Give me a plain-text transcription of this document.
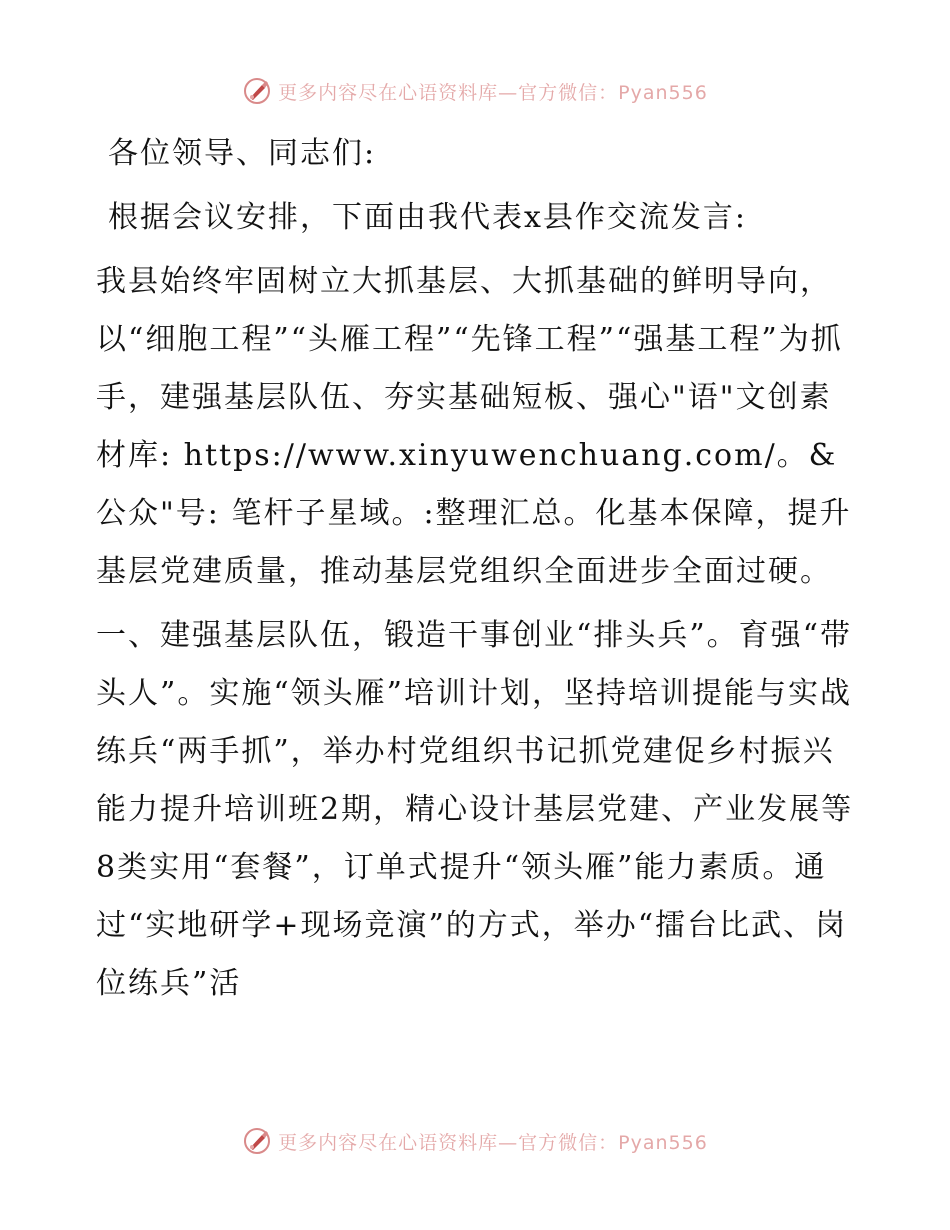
更多内容尽在心语资料库—官方微信：Pyan556

各位领导、同志们:

根据会议安排，下面由我代表x县作交流发言:

我县始终牢固树立大抓基层、大抓基础的鲜明导向，以“细胞工程”“头雁工程”“先锋工程”“强基工程”为抓手，建强基层队伍、夯实基础短板、强心"语"文创素材库: https://www.xinyuwenchuang.com/。&公众"号: 笔杆子星域。:整理汇总。化基本保障，提升基层党建质量，推动基层党组织全面进步全面过硬。

一、建强基层队伍，锻造干事创业“排头兵”。育强“带头人”。实施“领头雁”培训计划，坚持培训提能与实战练兵“两手抓”，举办村党组织书记抓党建促乡村振兴能力提升培训班2期，精心设计基层党建、产业发展等8类实用“套餐”，订单式提升“领头雁”能力素质。通过“实地研学+现场竞演”的方式，举办“擂台比武、岗位练兵”活

更多内容尽在心语资料库—官方微信：Pyan556
